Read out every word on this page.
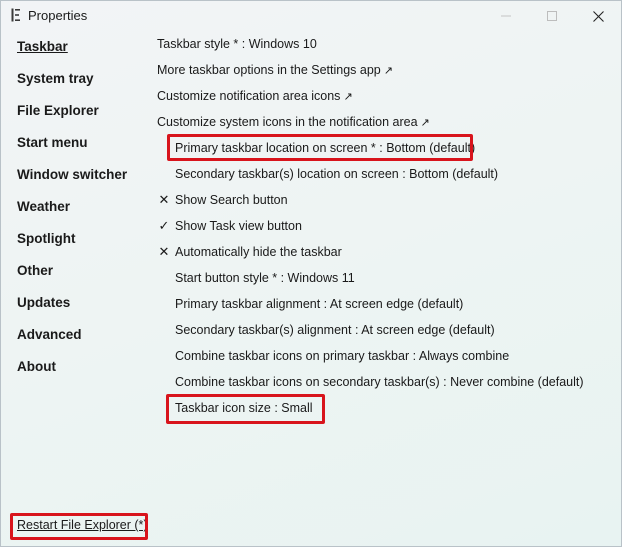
Properties
Taskbar
System tray
File Explorer
Start menu
Window switcher
Weather
Spotlight
Other
Updates
Advanced
About
Taskbar style * : Windows 10
More taskbar options in the Settings app ↗
Customize notification area icons ↗
Customize system icons in the notification area ↗
Primary taskbar location on screen * : Bottom (default)
Secondary taskbar(s) location on screen : Bottom (default)
✕ Show Search button
✓ Show Task view button
✕ Automatically hide the taskbar
Start button style * : Windows 11
Primary taskbar alignment : At screen edge (default)
Secondary taskbar(s) alignment : At screen edge (default)
Combine taskbar icons on primary taskbar : Always combine
Combine taskbar icons on secondary taskbar(s) : Never combine (default)
Taskbar icon size : Small
Restart File Explorer (*)
